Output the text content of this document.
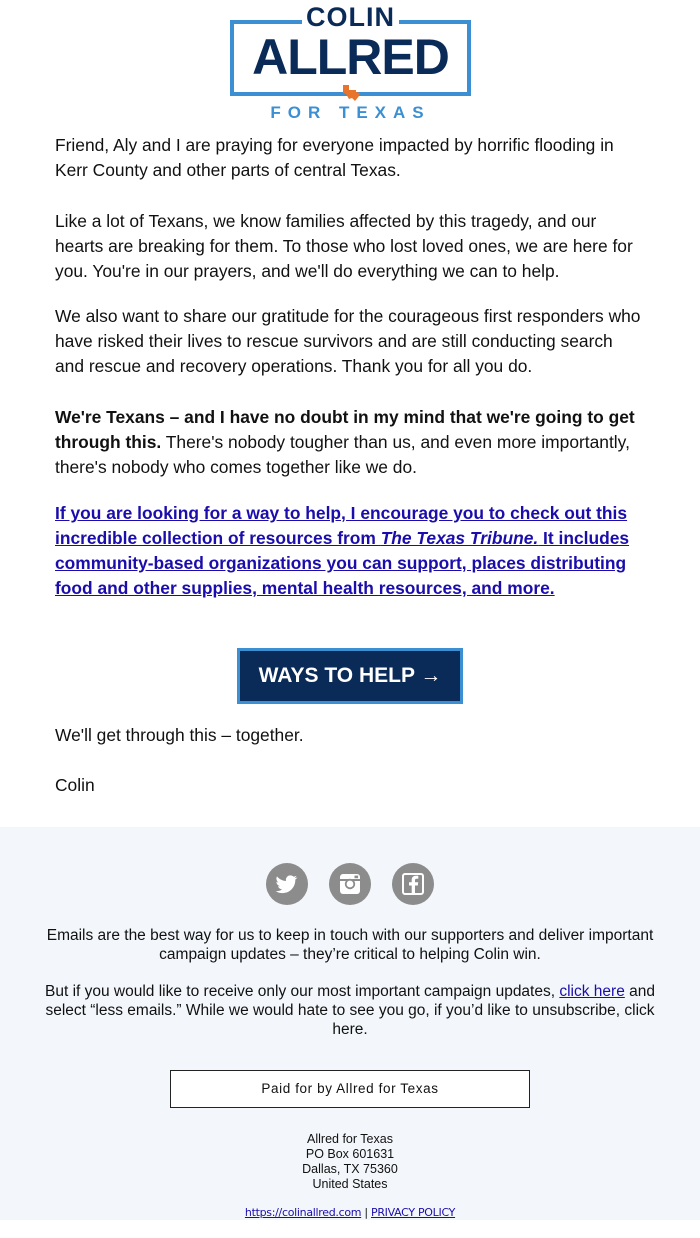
COLIN
ALLRED
FOR TEXAS

Friend, Aly and I are praying for everyone impacted by horrific flooding in Kerr County and other parts of central Texas.

Like a lot of Texans, we know families affected by this tragedy, and our hearts are breaking for them. To those who lost loved ones, we are here for you. You're in our prayers, and we'll do everything we can to help.

We also want to share our gratitude for the courageous first responders who have risked their lives to rescue survivors and are still conducting search and rescue and recovery operations. Thank you for all you do.

We're Texans – and I have no doubt in my mind that we're going to get through this. There's nobody tougher than us, and even more importantly, there's nobody who comes together like we do.

If you are looking for a way to help, I encourage you to check out this incredible collection of resources from The Texas Tribune. It includes community-based organizations you can support, places distributing food and other supplies, mental health resources, and more.

WAYS TO HELP →

We'll get through this – together.

Colin

Emails are the best way for us to keep in touch with our supporters and deliver important campaign updates – they’re critical to helping Colin win.
But if you would like to receive only our most important campaign updates, click here and select “less emails.” While we would hate to see you go, if you’d like to unsubscribe, click here.
Paid for by Allred for Texas
Allred for Texas
PO Box 601631
Dallas, TX 75360
United States
https://colinallred.com | PRIVACY POLICY
